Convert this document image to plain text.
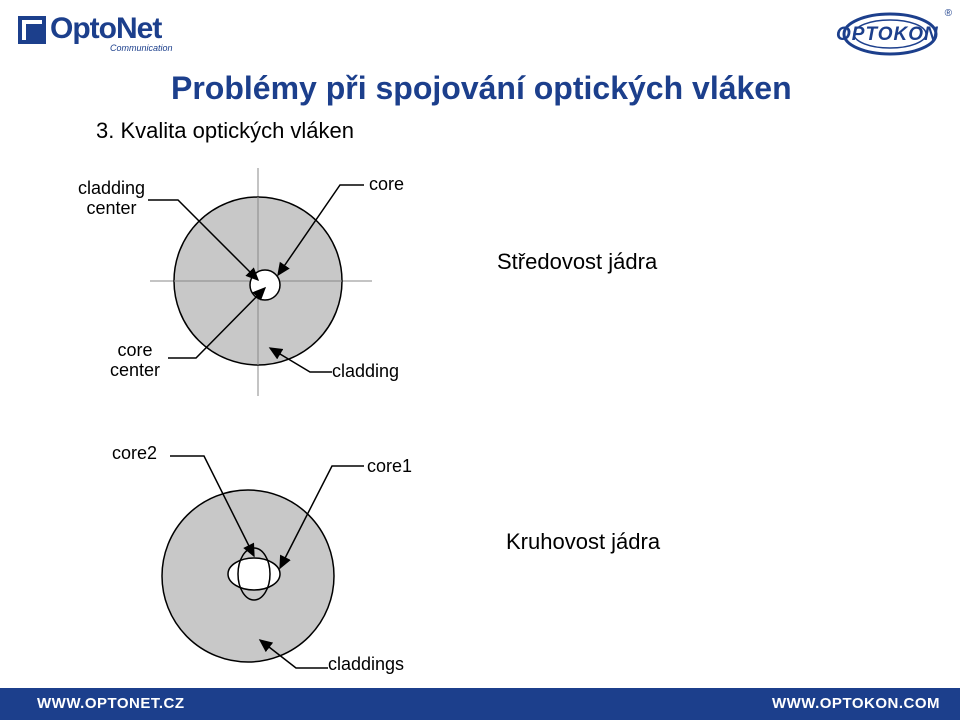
OptoNet
Communication
OPTOKON
®
Problémy při spojování optických vláken
3. Kvalita optických vláken
cladding
center
core
core
center	cladding
Středovost jádra
core2
core1
claddings
Kruhovost jádra
WWW.OPTONET.CZ	WWW.OPTOKON.COM
